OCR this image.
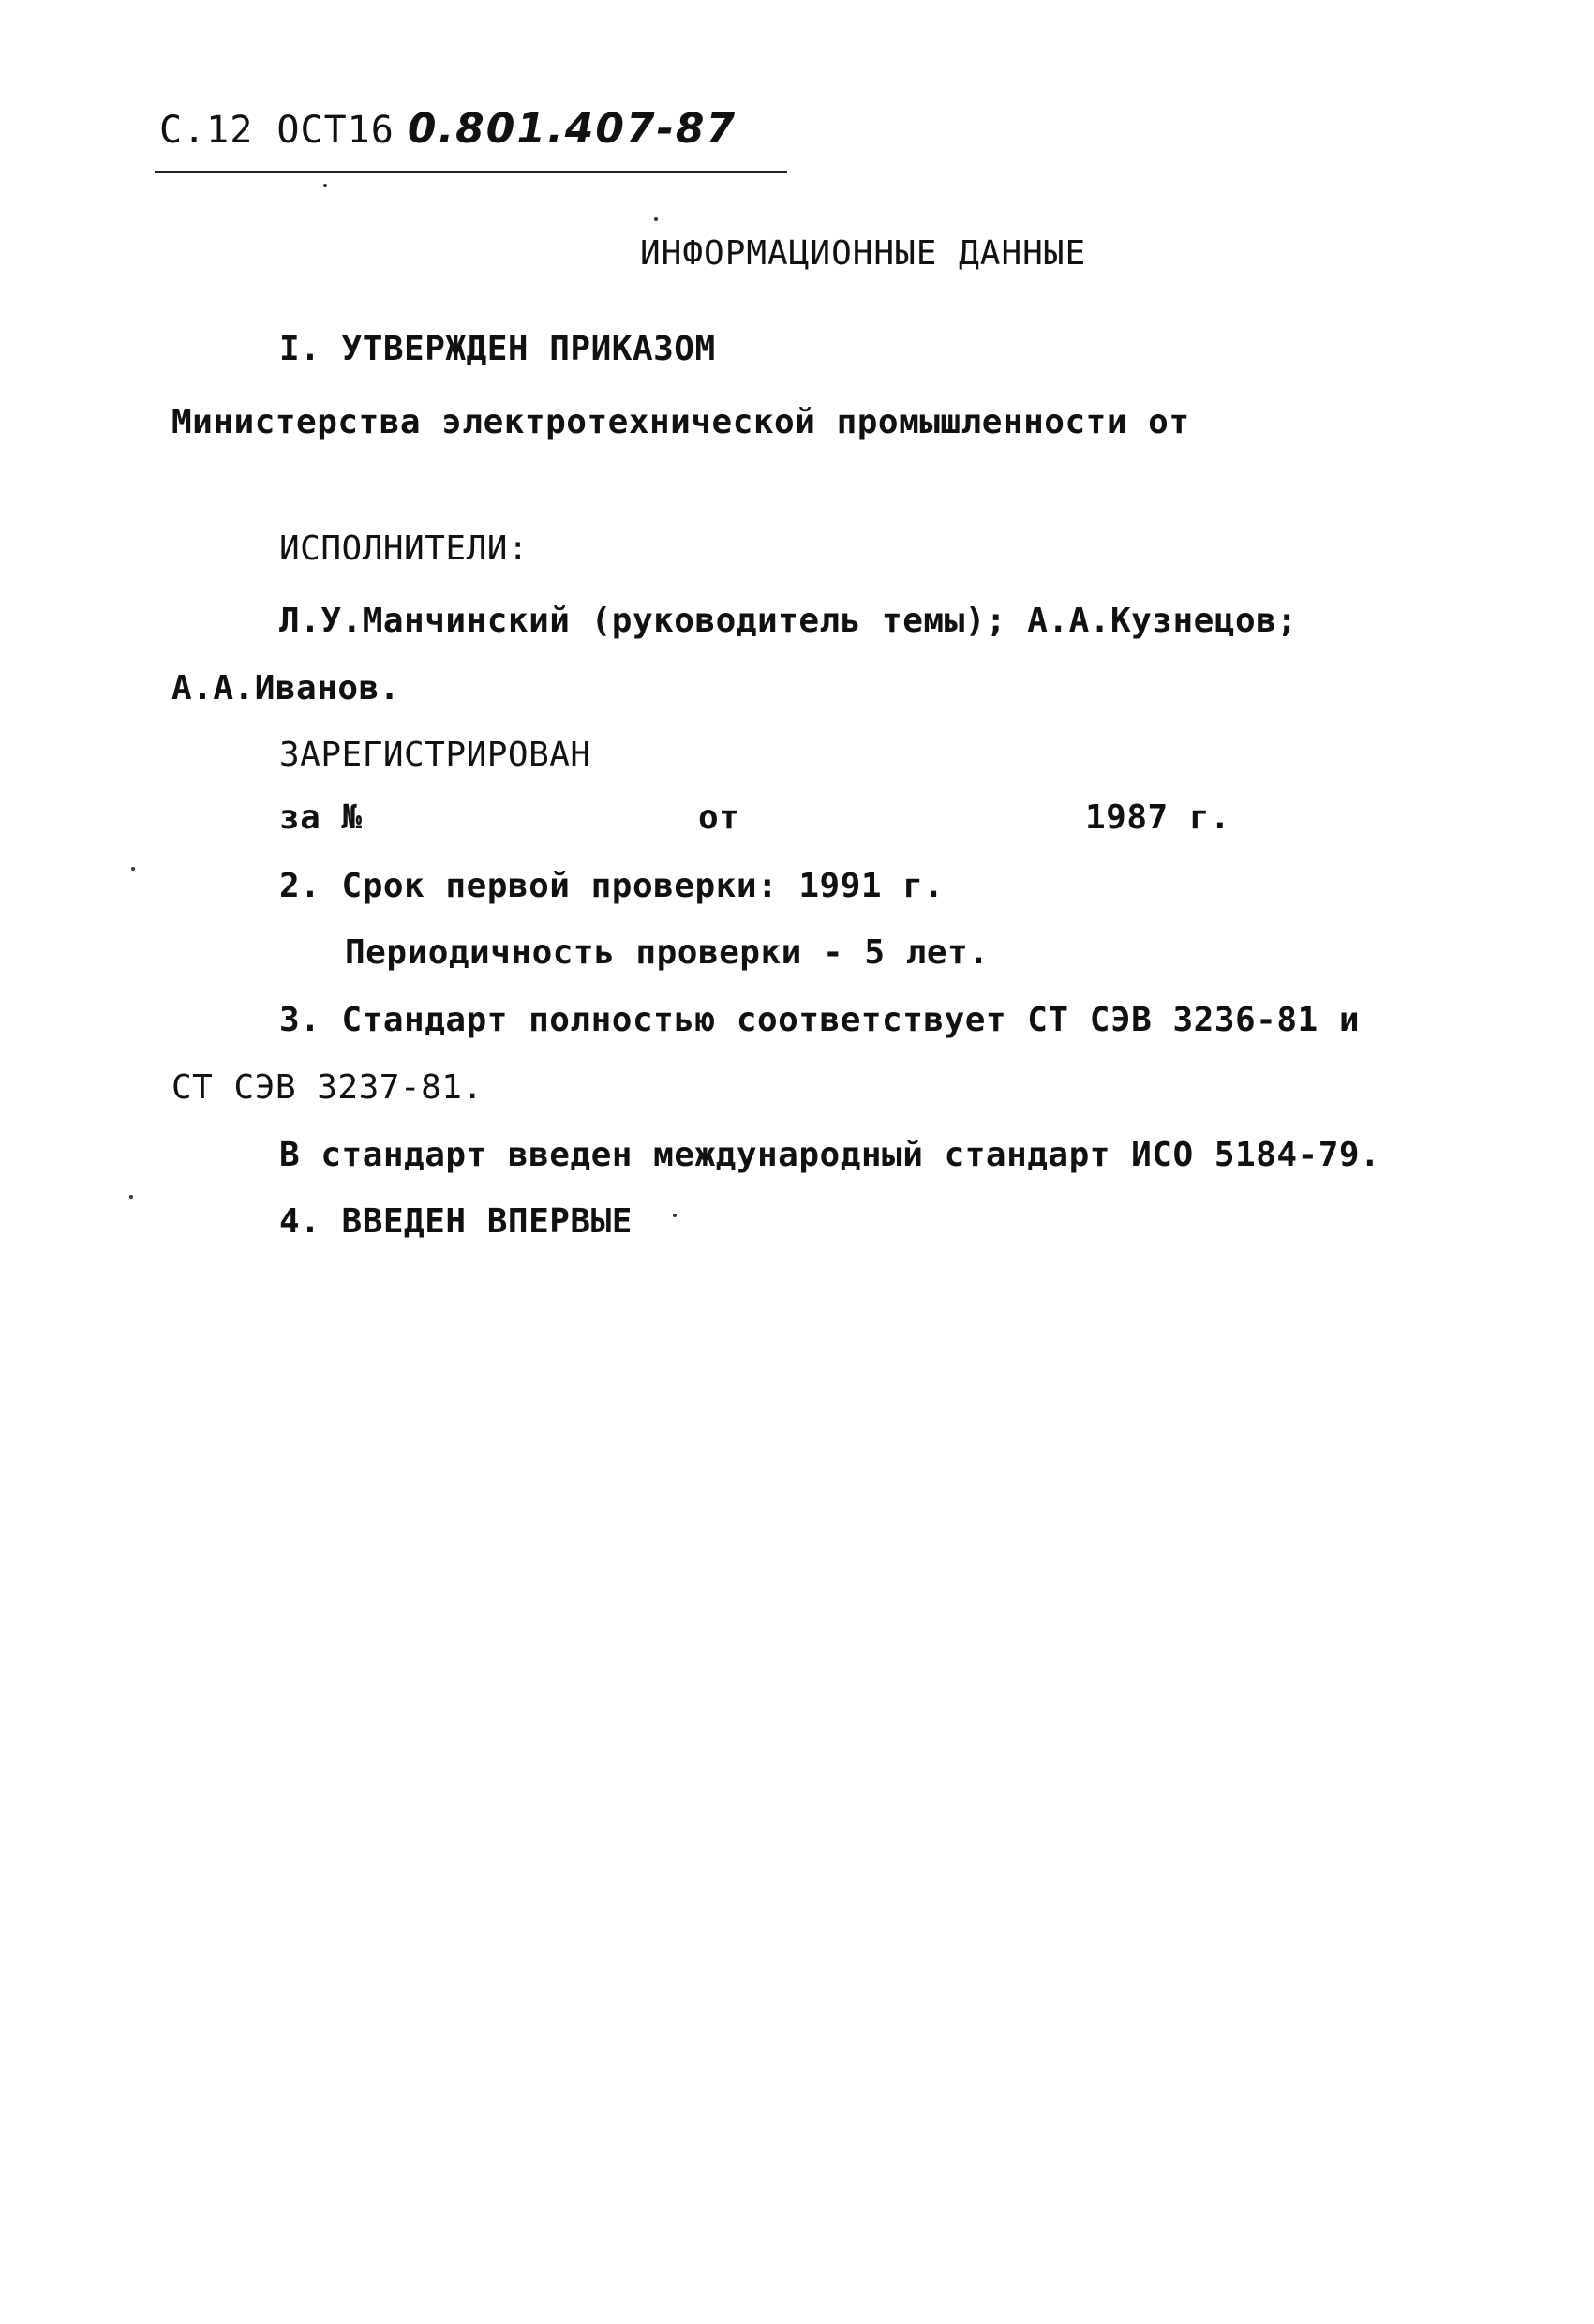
С.12 ОСТ16 0.801.407-87
ИНФОРМАЦИОННЫЕ ДАННЫЕ
I. УТВЕРЖДЕН ПРИКАЗОМ
Министерства электротехнической промышленности от
ИСПОЛНИТЕЛИ:
Л.У.Манчинский (руководитель темы); А.А.Кузнецов;
А.А.Иванов.
ЗАРЕГИСТРИРОВАН
за №	от	1987 г.
2. Срок первой проверки: 1991 г.
Периодичность проверки - 5 лет.
3. Стандарт полностью соответствует СТ СЭВ 3236-81 и
СТ СЭВ 3237-81.
В стандарт введен международный стандарт ИСО 5184-79.
4. ВВЕДЕН ВПЕРВЫЕ
